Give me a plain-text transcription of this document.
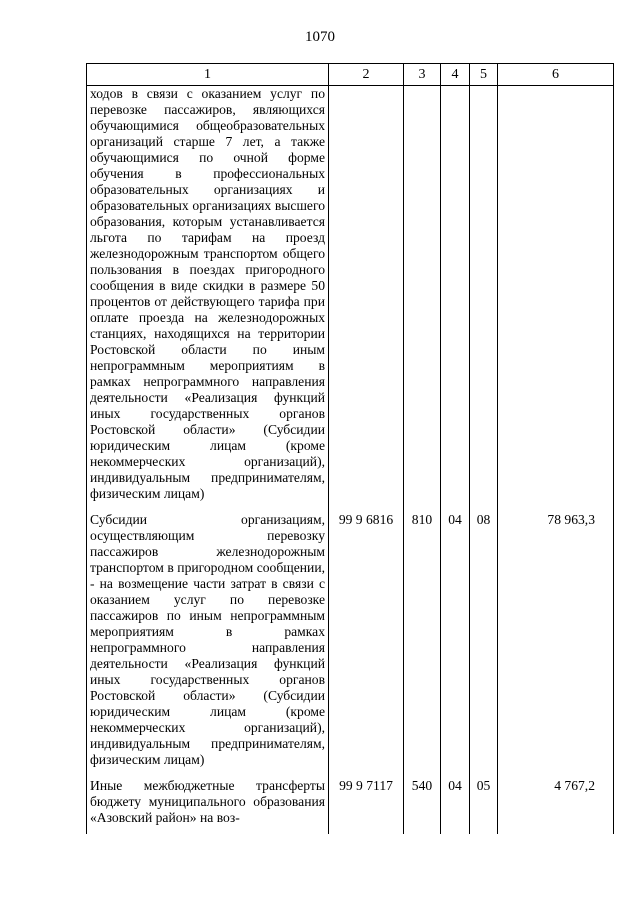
1070
1	2	3	4	5	6
ходов в связи с оказанием услуг по перевозке пассажиров, являющихся обучающимися общеобразовательных организаций старше 7 лет, а также обучающимися по очной форме обучения в профессиональных образовательных организациях и образовательных организациях высшего образования, которым устанавливается льгота по тарифам на проезд железнодорожным транспортом общего пользования в поездах пригородного сообщения в виде скидки в размере 50 процентов от действующего тарифа при оплате проезда на железнодорожных станциях, находящихся на территории Ростовской области по иным непрограммным мероприятиям в рамках непрограммного направления деятельности «Реализация функций иных государственных органов Ростовской области» (Субсидии юридическим лицам (кроме некоммерческих организаций), индивидуальным предпринимателям, физическим лицам)					
Субсидии организациям, осуществляющим перевозку пассажиров железнодорожным транспортом в пригородном сообщении, - на возмещение части затрат в связи с оказанием услуг по перевозке пассажиров по иным непрограммным мероприятиям в рамках непрограммного направления деятельности «Реализация функций иных государственных органов Ростовской области» (Субсидии юридическим лицам (кроме некоммерческих организаций), индивидуальным предпринимателям, физическим лицам)	99 9 6816	810	04	08	78 963,3
Иные межбюджетные трансферты бюджету муниципального образования «Азовский район» на воз-	99 9 7117	540	04	05	4 767,2
